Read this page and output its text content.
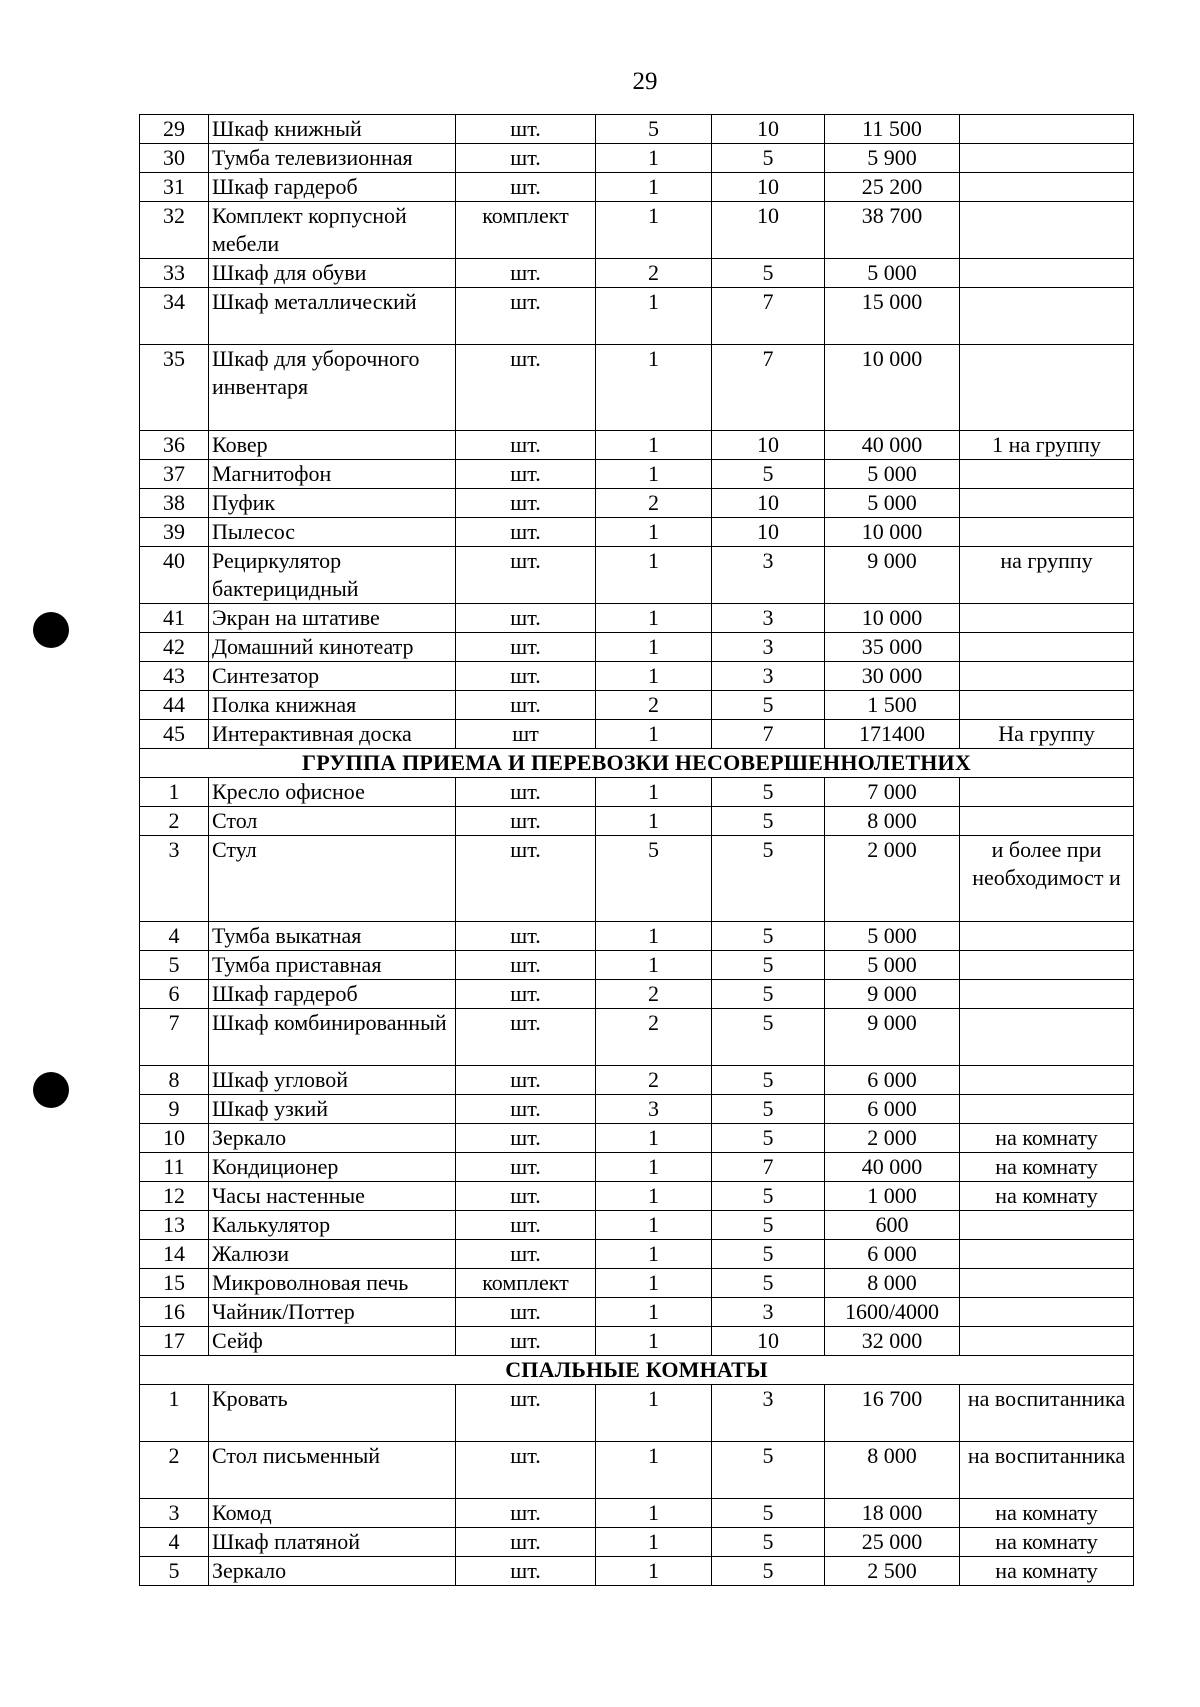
29
29	Шкаф книжный	шт.	5	10	11 500	
30	Тумба телевизионная	шт.	1	5	5 900	
31	Шкаф гардероб	шт.	1	10	25 200	
32	Комплект корпусной мебели	комплект	1	10	38 700	
33	Шкаф для обуви	шт.	2	5	5 000	
34	Шкаф металлический	шт.	1	7	15 000	
35	Шкаф для уборочного инвентаря	шт.	1	7	10 000	
36	Ковер	шт.	1	10	40 000	1 на группу
37	Магнитофон	шт.	1	5	5 000	
38	Пуфик	шт.	2	10	5 000	
39	Пылесос	шт.	1	10	10 000	
40	Рециркулятор бактерицидный	шт.	1	3	9 000	на группу
41	Экран на штативе	шт.	1	3	10 000	
42	Домашний кинотеатр	шт.	1	3	35 000	
43	Синтезатор	шт.	1	3	30 000	
44	Полка книжная	шт.	2	5	1 500	
45	Интерактивная доска	шт	1	7	171400	На группу
ГРУППА ПРИЕМА И ПЕРЕВОЗКИ НЕСОВЕРШЕННОЛЕТНИХ						
1	Кресло офисное	шт.	1	5	7 000	
2	Стол	шт.	1	5	8 000	
3	Стул	шт.	5	5	2 000	и более при необходимост и
4	Тумба выкатная	шт.	1	5	5 000	
5	Тумба приставная	шт.	1	5	5 000	
6	Шкаф гардероб	шт.	2	5	9 000	
7	Шкаф комбинированный	шт.	2	5	9 000	
8	Шкаф угловой	шт.	2	5	6 000	
9	Шкаф узкий	шт.	3	5	6 000	
10	Зеркало	шт.	1	5	2 000	на комнату
11	Кондиционер	шт.	1	7	40 000	на комнату
12	Часы настенные	шт.	1	5	1 000	на комнату
13	Калькулятор	шт.	1	5	600	
14	Жалюзи	шт.	1	5	6 000	
15	Микроволновая печь	комплект	1	5	8 000	
16	Чайник/Поттер	шт.	1	3	1600/4000	
17	Сейф	шт.	1	10	32 000	
СПАЛЬНЫЕ КОМНАТЫ						
1	Кровать	шт.	1	3	16 700	на воспитанника
2	Стол письменный	шт.	1	5	8 000	на воспитанника
3	Комод	шт.	1	5	18 000	на комнату
4	Шкаф платяной	шт.	1	5	25 000	на комнату
5	Зеркало	шт.	1	5	2 500	на комнату
